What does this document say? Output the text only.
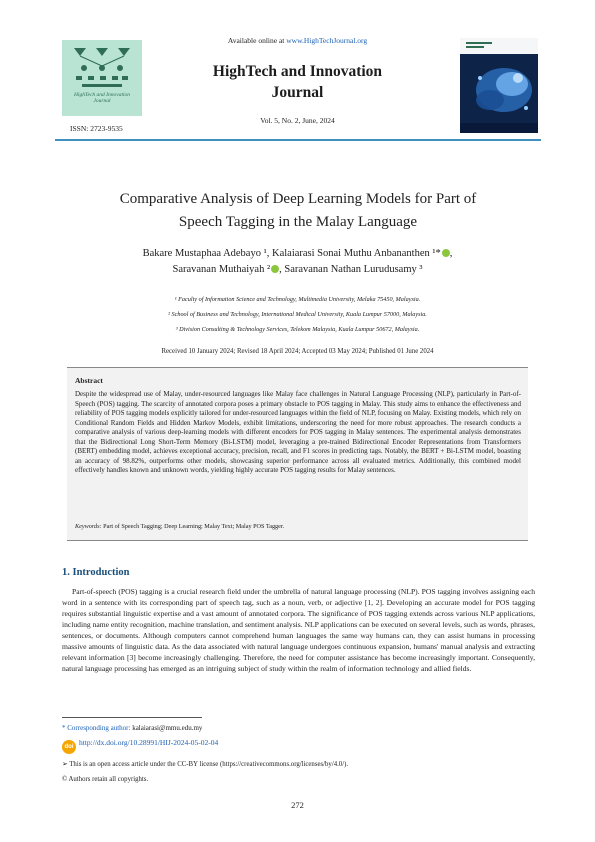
Available online at www.HighTechJournal.org
HighTech and Innovation
Journal
ISSN: 2723-9535
HighTech and Innovation
Journal
Vol. 5, No. 2, June, 2024
Comparative Analysis of Deep Learning Models for Part of
Speech Tagging in the Malay Language
Bakare Mustaphaa Adebayo ¹, Kalaiarasi Sonai Muthu Anbananthen ¹* ,
Saravanan Muthaiyah ² , Saravanan Nathan Lurudusamy ³
¹ Faculty of Information Science and Technology, Multimedia University, Melaka 75450, Malaysia.
² School of Business and Technology, International Medical University, Kuala Lumpur 57000, Malaysia.
³ Division Consulting & Technology Services, Telekom Malaysia, Kuala Lumpur 50672, Malaysia.
Received 10 January 2024; Revised 18 April 2024; Accepted 03 May 2024; Published 01 June 2024
Abstract
Despite the widespread use of Malay, under-resourced languages like Malay face challenges in Natural Language Processing (NLP), particularly in Part-of-Speech (POS) tagging. The scarcity of annotated corpora poses a primary obstacle to POS tagging in Malay. This study aims to enhance the effectiveness and reliability of POS tagging models explicitly tailored for under-resourced languages within the field of NLP, focusing on Malay. Existing models, which rely on Conditional Random Fields and Hidden Markov Models, exhibit limitations, underscoring the need for more robust approaches. The research conducts a comparative analysis of various deep-learning models with different encoders for POS tagging in Malay sentences. The experimental analysis demonstrates that the Bidirectional Long Short-Term Memory (Bi-LSTM) model, leveraging a pre-trained Bidirectional Encoder Representations from Transformers (BERT) embedding model, achieves exceptional accuracy, precision, recall, and F1 scores in predicting tags. Notably, the BERT + Bi-LSTM model, boasting an accuracy of 98.82%, outperforms other models, showcasing superior performance across all evaluated metrics. Additionally, this combined model effectively handles known and unknown words, yielding highly accurate POS tagging results for Malay sentences.
Keywords: Part of Speech Tagging; Deep Learning; Malay Text; Malay POS Tagger.
1. Introduction
Part-of-speech (POS) tagging is a crucial research field under the umbrella of natural language processing (NLP). POS tagging involves assigning each word in a sentence with its corresponding part of speech tag, such as a noun, verb, or adjective [1, 2]. Developing an accurate model for POS tagging requires substantial linguistic expertise and a vast amount of annotated corpora. The significance of POS tagging extends across various NLP applications, including name entity recognition, machine translation, and sentiment analysis. NLP applications can be executed on several levels, such as words, phrases, sentences, or documents. Although computers cannot comprehend human languages the same way humans can, they can assist humans in processing massive amounts of linguistic data. As the data associated with natural language undergoes continuous expansion, humans' manual analysis and extracting relevant information [3] become increasingly challenging. Therefore, the need for computer assistance has become increasingly important. Consequently, natural language processing has emerged as an intriguing subject of study within the realm of information technology and allied fields.
* Corresponding author: kalaiarasi@mmu.edu.my
doi http://dx.doi.org/10.28991/HIJ-2024-05-02-04
➢ This is an open access article under the CC-BY license (https://creativecommons.org/licenses/by/4.0/).
© Authors retain all copyrights.
272
